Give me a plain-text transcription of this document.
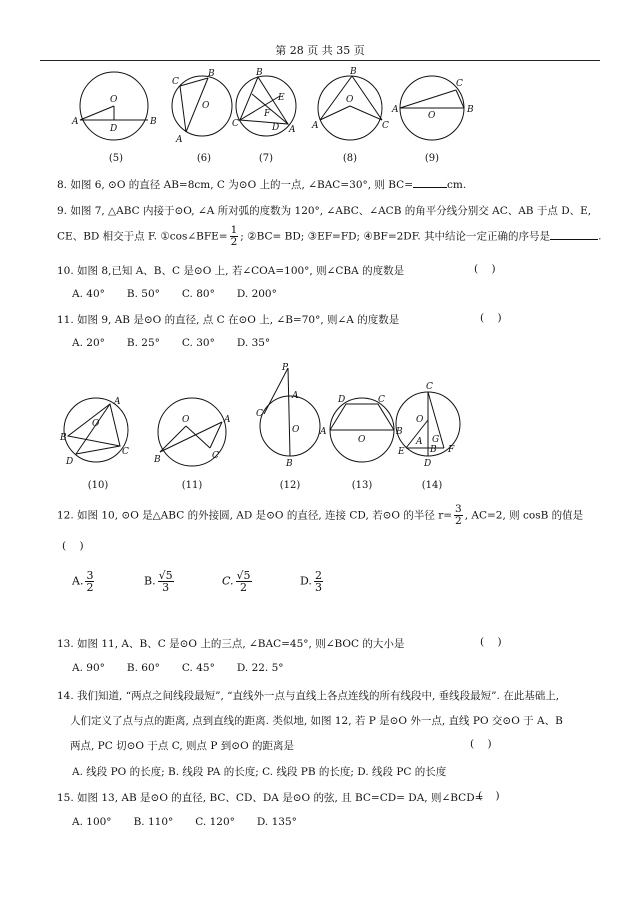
第 28 页 共 35 页
O
A	B
D
C
B
O
A
B
E
F
C
A
D
B
O
A	C
C
O
A	B
(5)	(6)	(7)	(8)	(9)
8. 如图 6, ⊙O 的直径 AB=8cm, C 为⊙O 上的一点, ∠BAC=30°, 则 BC=	cm.
9. 如图 7, △ABC 内接于⊙O, ∠A 所对弧的度数为 120°, ∠ABC、∠ACB 的角平分线分别交 AC、AB 于点 D、E,
CE、BD 相交于点 F. ①cos∠BFE= $\frac{1}{2}$ ; ②BC= BD; ③EF=FD; ④BF=2DF. 其中结论一定正确的序号是	.
10. 如图 8,已知 A、B、C 是⊙O 上, 若∠COA=100°, 则∠CBA 的度数是	(    )
A. 40° B. 50° C. 80° D. 200°
11. 如图 9, AB 是⊙O 的直径, 点 C 在⊙O 上, ∠B=70°, 则∠A 的度数是	(    )
A. 20° B. 25° C. 30° D. 35°
A
O
B
C
D
O	A
B	C
P
C
A
O
B
D	C
A
O
B
C
O
G
E	F
A
D
B
(10)	(11)	(12)	(13)	(14)
12. 如图 10, ⊙O 是△ABC 的外接圆, AD 是⊙O 的直径, 连接 CD, 若⊙O 的半径 $r= \frac{3}{2}$ , AC=2, 则 cosB 的值是
(    )
A. $\frac{3}{2}$	B. $\frac{√5}{3}$	C. $\frac{√5}{2}$	D. $\frac{2}{3}$
13. 如图 11, A、B、C 是⊙O 上的三点, ∠BAC=45°, 则∠BOC 的大小是	(    )
A. 90° B. 60° C. 45° D. 22. 5°
14. 我们知道, “两点之间线段最短”, “直线外一点与直线上各点连线的所有线段中, 垂线段最短”. 在此基础上,
人们定义了点与点的距离, 点到直线的距离. 类似地, 如图 12, 若 P 是⊙O 外一点, 直线 PO 交⊙O 于 A、B
两点, PC 切⊙O 于点 C, 则点 P 到⊙O 的距离是	(    )
A. 线段 PO 的长度; B. 线段 PA 的长度; C. 线段 PB 的长度; D. 线段 PC 的长度
15. 如图 13, AB 是⊙O 的直径, BC、CD、DA 是⊙O 的弦, 且 BC=CD= DA, 则∠BCD=
(    )
A. 100° B. 110° C. 120° D. 135°
